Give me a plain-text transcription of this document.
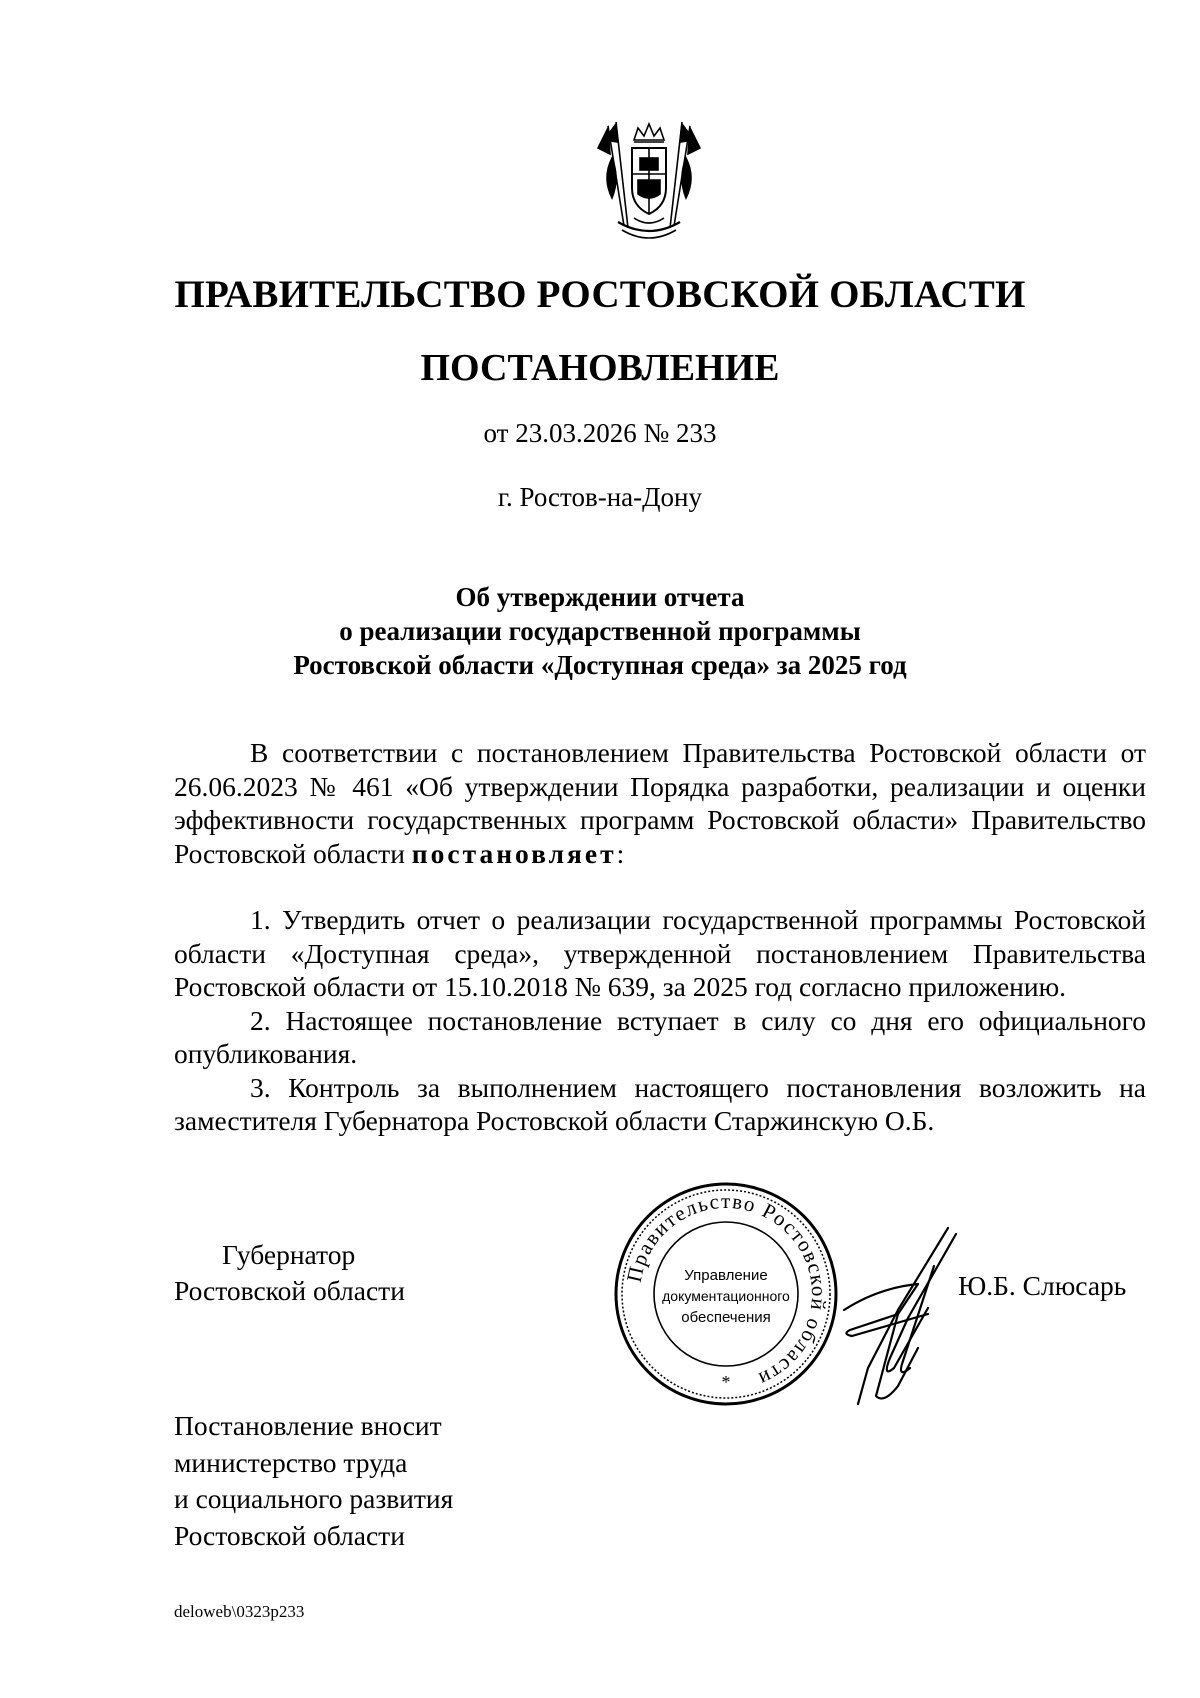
ПРАВИТЕЛЬСТВО РОСТОВСКОЙ ОБЛАСТИ
ПОСТАНОВЛЕНИЕ
от 23.03.2026 № 233
г. Ростов-на-Дону
Об утверждении отчета
о реализации государственной программы
Ростовской области «Доступная среда» за 2025 год

В соответствии с постановлением Правительства Ростовской области от 26.06.2023 № 461 «Об утверждении Порядка разработки, реализации и оценки эффективности государственных программ Ростовской области» Правительство Ростовской области постановляет:

1. Утвердить отчет о реализации государственной программы Ростовской области «Доступная среда», утвержденной постановлением Правительства Ростовской области от 15.10.2018 № 639, за 2025 год согласно приложению.

2. Настоящее постановление вступает в силу со дня его официального опубликования.

3. Контроль за выполнением настоящего постановления возложить на заместителя Губернатора Ростовской области Старжинскую О.Б.

Губернатор
Ростовской области
Правительство Ростовской области
Управление
документационного
обеспечения
*
Ю.Б. Слюсарь
Постановление вносит
министерство труда
и социального развития
Ростовской области
deloweb\0323p233
